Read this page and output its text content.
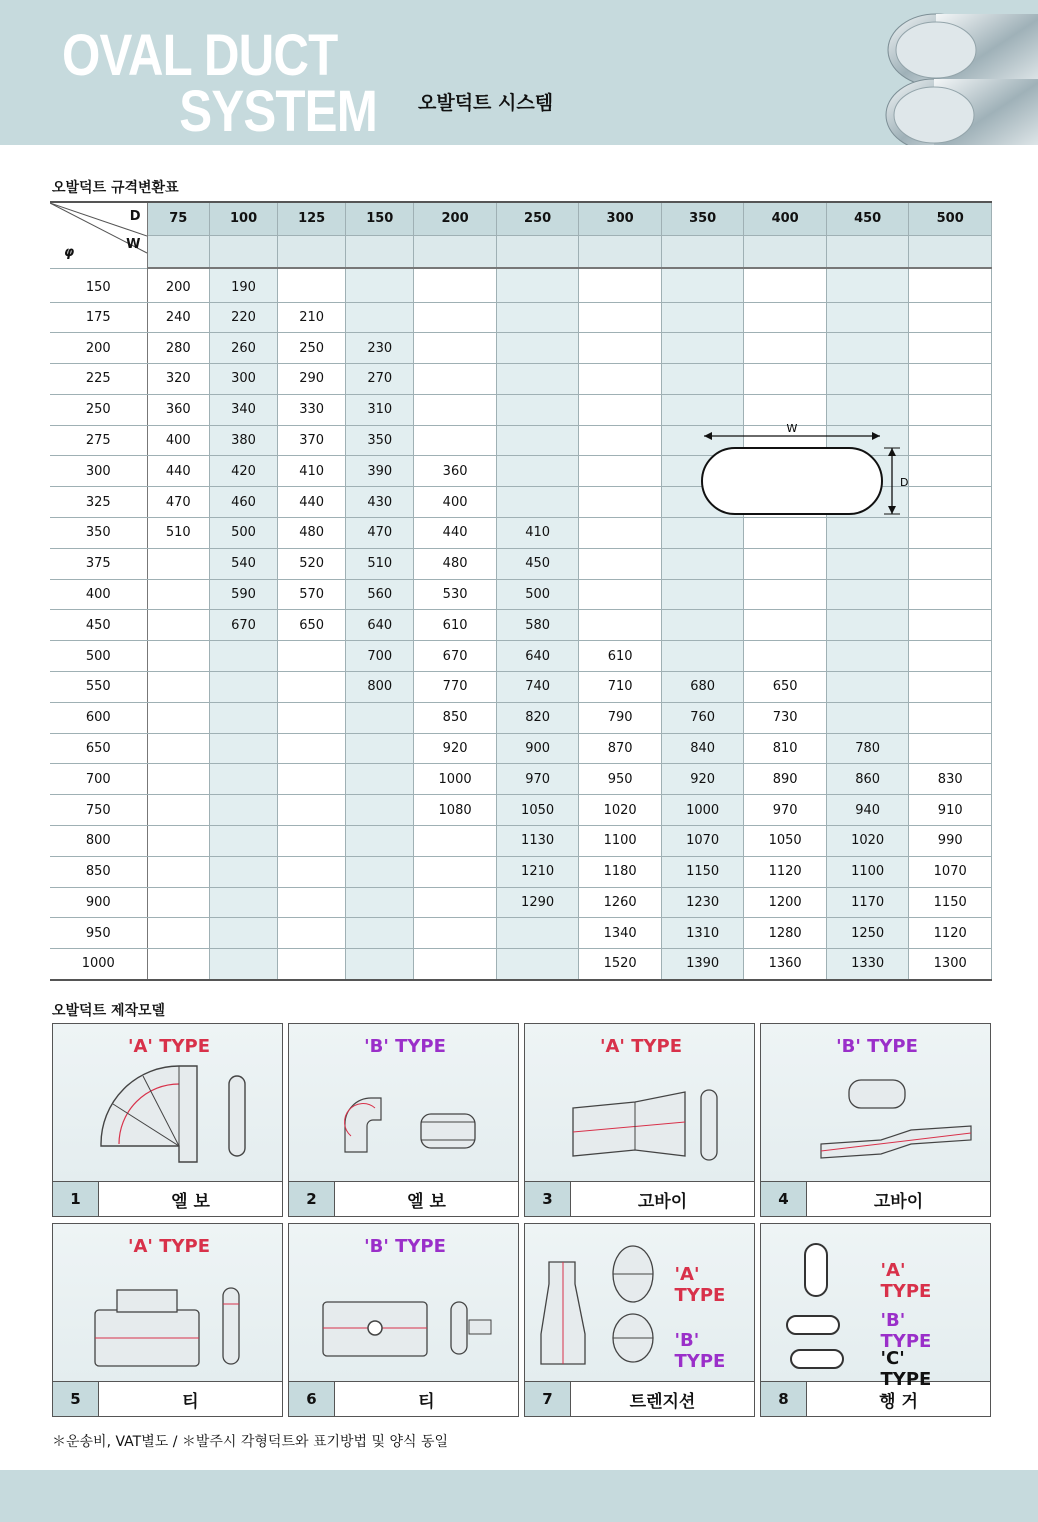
OVAL DUCT
SYSTEM 오발덕트 시스템
오발덕트 규격변환표
D
W
φ	75	100	125	150	200	250	300	350	400	450	500

150	200	190									
175	240	220	210								
200	280	260	250	230							
225	320	300	290	270							
250	360	340	330	310							
275	400	380	370	350							
300	440	420	410	390	360						
325	470	460	440	430	400						
350	510	500	480	470	440	410					
375		540	520	510	480	450					
400		590	570	560	530	500					
450		670	650	640	610	580					
500				700	670	640	610				
550				800	770	740	710	680	650		
600					850	820	790	760	730		
650					920	900	870	840	810	780	
700					1000	970	950	920	890	860	830
750					1080	1050	1020	1000	970	940	910
800						1130	1100	1070	1050	1020	990
850						1210	1180	1150	1120	1100	1070
900						1290	1260	1230	1200	1170	1150
950							1340	1310	1280	1250	1120
1000							1520	1390	1360	1330	1300
W
D
오발덕트 제작모델
'A' TYPE
1	엘 보
'B' TYPE
2	엘 보
'A' TYPE
3	고바이
'B' TYPE
4	고바이
'A' TYPE
5	티
'B' TYPE
6	티
'A' TYPE
'B' TYPE
7	트렌지션
'A' TYPE
'B' TYPE
'C' TYPE
8	행 거
＊운송비, VAT별도 / ＊발주시 각형덕트와 표기방법 및 양식 동일
